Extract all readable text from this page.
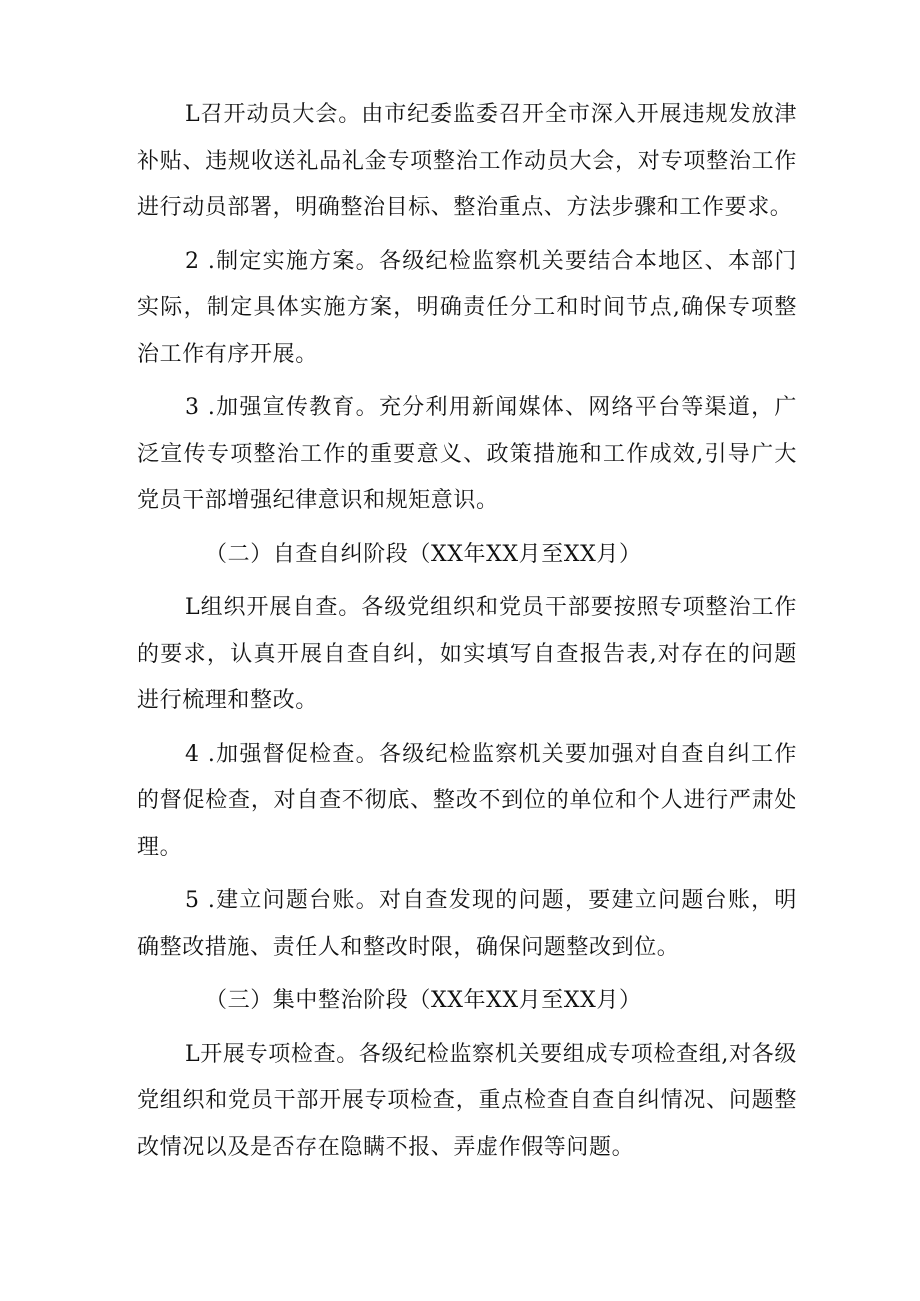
L召开动员大会。由市纪委监委召开全市深入开展违规发放津补贴、违规收送礼品礼金专项整治工作动员大会，对专项整治工作进行动员部署，明确整治目标、整治重点、方法步骤和工作要求。

2 .制定实施方案。各级纪检监察机关要结合本地区、本部门实际，制定具体实施方案，明确责任分工和时间节点,确保专项整治工作有序开展。

3 .加强宣传教育。充分利用新闻媒体、网络平台等渠道，广泛宣传专项整治工作的重要意义、政策措施和工作成效,引导广大党员干部增强纪律意识和规矩意识。

（二）自查自纠阶段（XX年XX月至XX月）

L组织开展自查。各级党组织和党员干部要按照专项整治工作的要求，认真开展自查自纠，如实填写自查报告表,对存在的问题进行梳理和整改。

4 .加强督促检查。各级纪检监察机关要加强对自查自纠工作的督促检查，对自查不彻底、整改不到位的单位和个人进行严肃处理。

5 .建立问题台账。对自查发现的问题，要建立问题台账，明确整改措施、责任人和整改时限，确保问题整改到位。

（三）集中整治阶段（XX年XX月至XX月）

L开展专项检查。各级纪检监察机关要组成专项检查组,对各级党组织和党员干部开展专项检查，重点检查自查自纠情况、问题整改情况以及是否存在隐瞒不报、弄虚作假等问题。
